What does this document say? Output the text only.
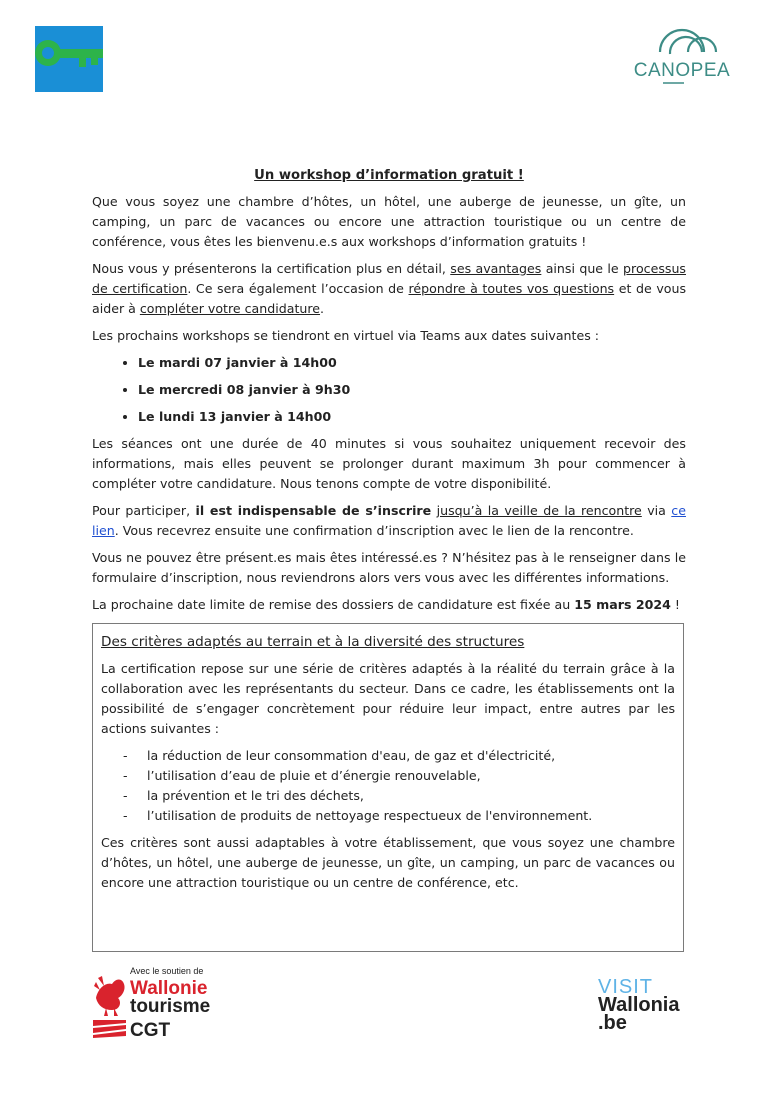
CANOPEA

Un workshop d’information gratuit !

Que vous soyez une chambre d’hôtes, un hôtel, une auberge de jeunesse, un gîte, un camping, un parc de vacances ou encore une attraction touristique ou un centre de conférence, vous êtes les bienvenu.e.s aux workshops d’information gratuits !

Nous vous y présenterons la certification plus en détail, ses avantages ainsi que le processus de certification. Ce sera également l’occasion de répondre à toutes vos questions et de vous aider à compléter votre candidature.

Les prochains workshops se tiendront en virtuel via Teams aux dates suivantes :

• Le mardi 07 janvier à 14h00
• Le mercredi 08 janvier à 9h30
• Le lundi 13 janvier à 14h00

Les séances ont une durée de 40 minutes si vous souhaitez uniquement recevoir des informations, mais elles peuvent se prolonger durant maximum 3h pour commencer à compléter votre candidature. Nous tenons compte de votre disponibilité.

Pour participer, il est indispensable de s’inscrire jusqu’à la veille de la rencontre via ce lien. Vous recevrez ensuite une confirmation d’inscription avec le lien de la rencontre.

Vous ne pouvez être présent.es mais êtes intéressé.es ? N’hésitez pas à le renseigner dans le formulaire d’inscription, nous reviendrons alors vers vous avec les différentes informations.

La prochaine date limite de remise des dossiers de candidature est fixée au 15 mars 2024 !

Des critères adaptés au terrain et à la diversité des structures

La certification repose sur une série de critères adaptés à la réalité du terrain grâce à la collaboration avec les représentants du secteur. Dans ce cadre, les établissements ont la possibilité de s’engager concrètement pour réduire leur impact, entre autres par les actions suivantes :

- la réduction de leur consommation d'eau, de gaz et d'électricité,
- l’utilisation d’eau de pluie et d’énergie renouvelable,
- la prévention et le tri des déchets,
- l’utilisation de produits de nettoyage respectueux de l'environnement.

Ces critères sont aussi adaptables à votre établissement, que vous soyez une chambre d’hôtes, un hôtel, une auberge de jeunesse, un gîte, un camping, un parc de vacances ou encore une attraction touristique ou un centre de conférence, etc.

Avec le soutien de
Wallonie
tourisme
CGT
VISIT
Wallonia
.be
